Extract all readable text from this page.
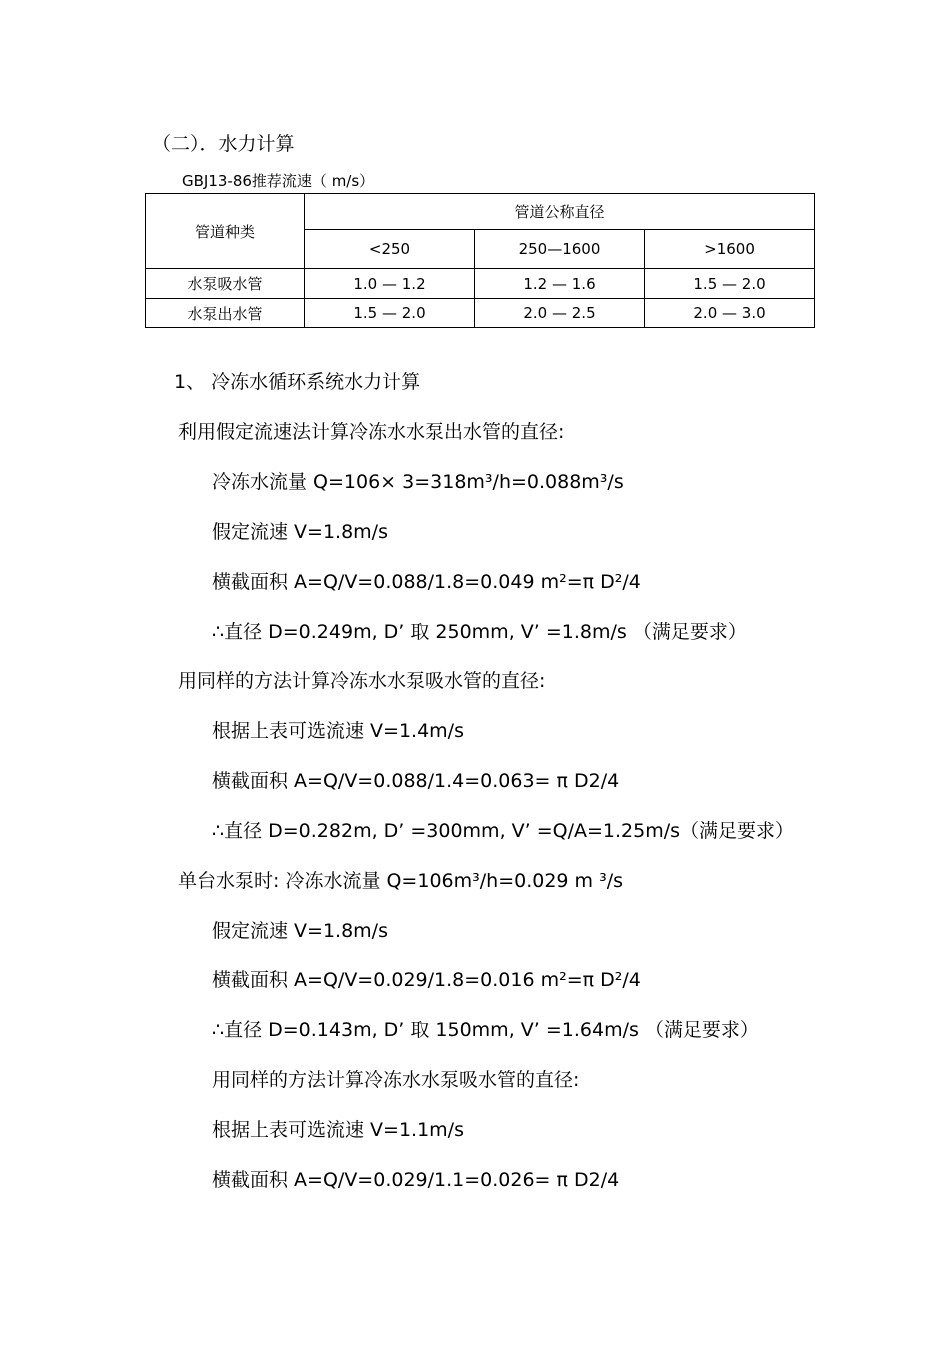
（二）．水力计算
GBJ13-86推荐流速（ m/s）
管道种类	管道公称直径		
	<250	250—1600	>1600
水泵吸水管	1.0 — 1.2	1.2 — 1.6	1.5 — 2.0
水泵出水管	1.5 — 2.0	2.0 — 2.5	2.0 — 3.0
1、 冷冻水循环系统水力计算
利用假定流速法计算冷冻水水泵出水管的直径:
冷冻水流量 Q=106× 3=318m³/h=0.088m³/s
假定流速 V=1.8m/s
横截面积 A=Q/V=0.088/1.8=0.049 m²=π D²/4
∴直径 D=0.249m, D’ 取 250mm, V’ =1.8m/s （满足要求）
用同样的方法计算冷冻水水泵吸水管的直径:
根据上表可选流速 V=1.4m/s
横截面积 A=Q/V=0.088/1.4=0.063= π D2/4
∴直径 D=0.282m, D’ =300mm, V’ =Q/A=1.25m/s（满足要求）
单台水泵时: 冷冻水流量 Q=106m³/h=0.029 m ³/s
假定流速 V=1.8m/s
横截面积 A=Q/V=0.029/1.8=0.016 m²=π D²/4
∴直径 D=0.143m, D’ 取 150mm, V’ =1.64m/s （满足要求）
用同样的方法计算冷冻水水泵吸水管的直径:
根据上表可选流速 V=1.1m/s
横截面积 A=Q/V=0.029/1.1=0.026= π D2/4
